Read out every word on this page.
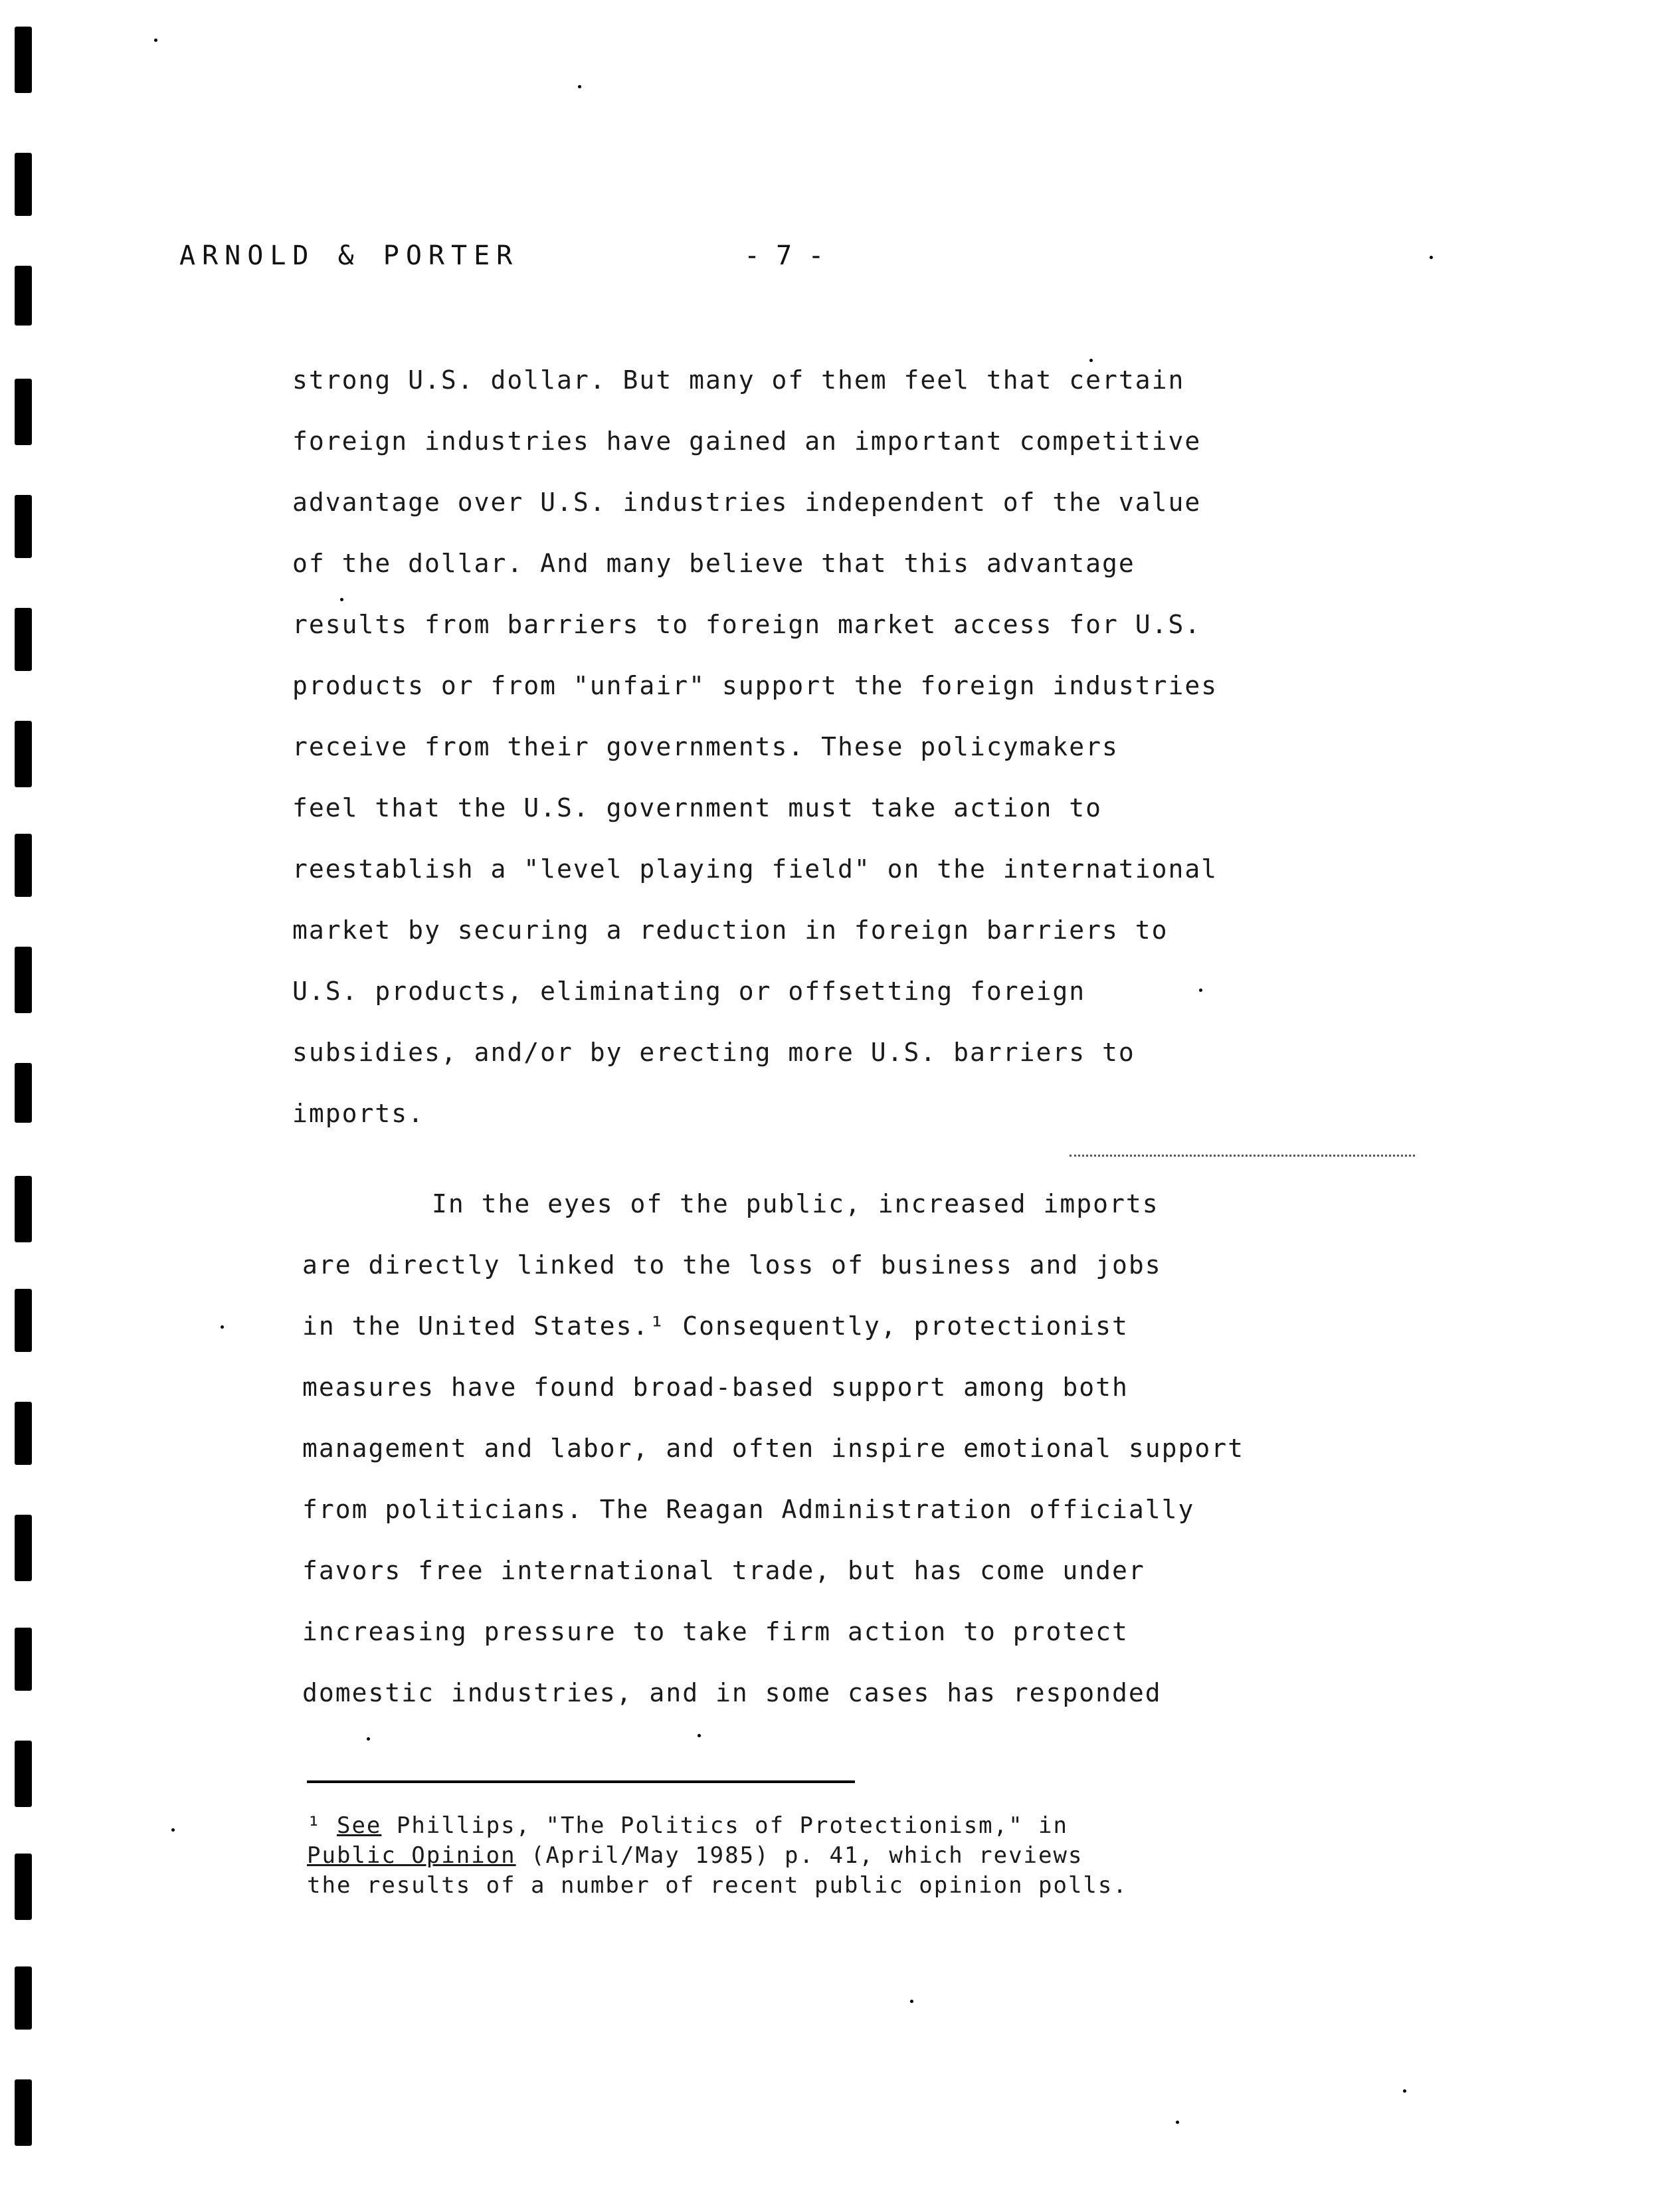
ARNOLD & PORTER	- 7 -
strong U.S. dollar. But many of them feel that certain
foreign industries have gained an important competitive
advantage over U.S. industries independent of the value
of the dollar. And many believe that this advantage
results from barriers to foreign market access for U.S.
products or from "unfair" support the foreign industries
receive from their governments. These policymakers
feel that the U.S. government must take action to
reestablish a "level playing field" on the international
market by securing a reduction in foreign barriers to
U.S. products, eliminating or offsetting foreign
subsidies, and/or by erecting more U.S. barriers to
imports.
In the eyes of the public, increased imports
are directly linked to the loss of business and jobs
in the United States.¹ Consequently, protectionist
measures have found broad-based support among both
management and labor, and often inspire emotional support
from politicians. The Reagan Administration officially
favors free international trade, but has come under
increasing pressure to take firm action to protect
domestic industries, and in some cases has responded
¹ See Phillips, "The Politics of Protectionism," in
Public Opinion (April/May 1985) p. 41, which reviews
the results of a number of recent public opinion polls.
